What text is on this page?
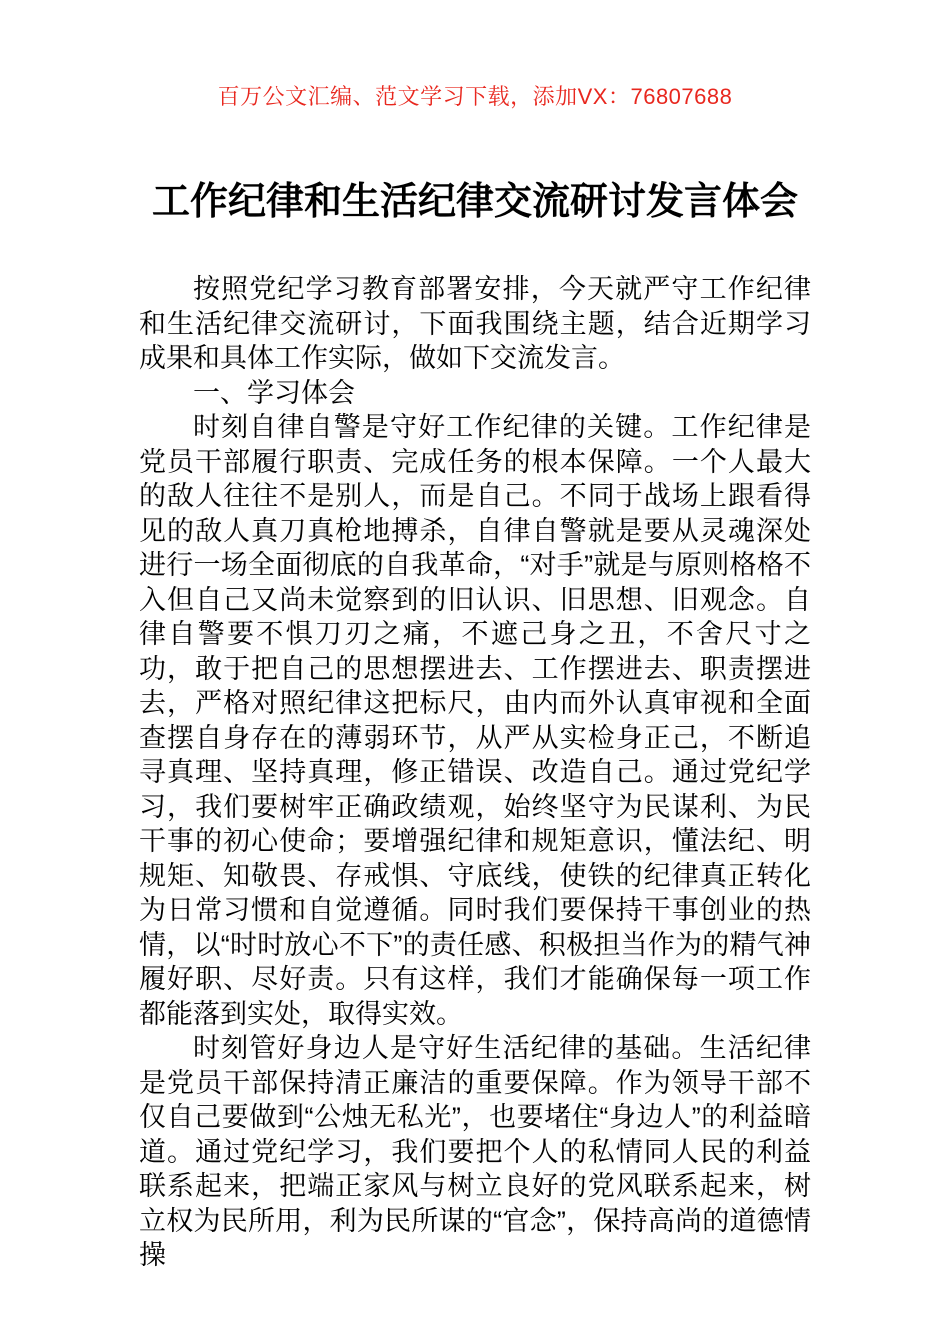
百万公文汇编、范文学习下载，添加VX：76807688
工作纪律和生活纪律交流研讨发言体会

按照党纪学习教育部署安排，今天就严守工作纪律和生活纪律交流研讨，下面我围绕主题，结合近期学习成果和具体工作实际，做如下交流发言。

一、学习体会

时刻自律自警是守好工作纪律的关键。工作纪律是党员干部履行职责、完成任务的根本保障。一个人最大的敌人往往不是别人，而是自己。不同于战场上跟看得见的敌人真刀真枪地搏杀，自律自警就是要从灵魂深处进行一场全面彻底的自我革命，“对手”就是与原则格格不入但自己又尚未觉察到的旧认识、旧思想、旧观念。自律自警要不惧刀刃之痛，不遮己身之丑，不舍尺寸之功，敢于把自己的思想摆进去、工作摆进去、职责摆进去，严格对照纪律这把标尺，由内而外认真审视和全面查摆自身存在的薄弱环节，从严从实检身正己，不断追寻真理、坚持真理，修正错误、改造自己。通过党纪学习，我们要树牢正确政绩观，始终坚守为民谋利、为民干事的初心使命；要增强纪律和规矩意识，懂法纪、明规矩、知敬畏、存戒惧、守底线，使铁的纪律真正转化为日常习惯和自觉遵循。同时我们要保持干事创业的热情，以“时时放心不下”的责任感、积极担当作为的精气神履好职、尽好责。只有这样，我们才能确保每一项工作都能落到实处，取得实效。

时刻管好身边人是守好生活纪律的基础。生活纪律是党员干部保持清正廉洁的重要保障。作为领导干部不仅自己要做到“公烛无私光”，也要堵住“身边人”的利益暗道。通过党纪学习，我们要把个人的私情同人民的利益联系起来，把端正家风与树立良好的党风联系起来，树立权为民所用，利为民所谋的“官念”，保持高尚的道德情操
